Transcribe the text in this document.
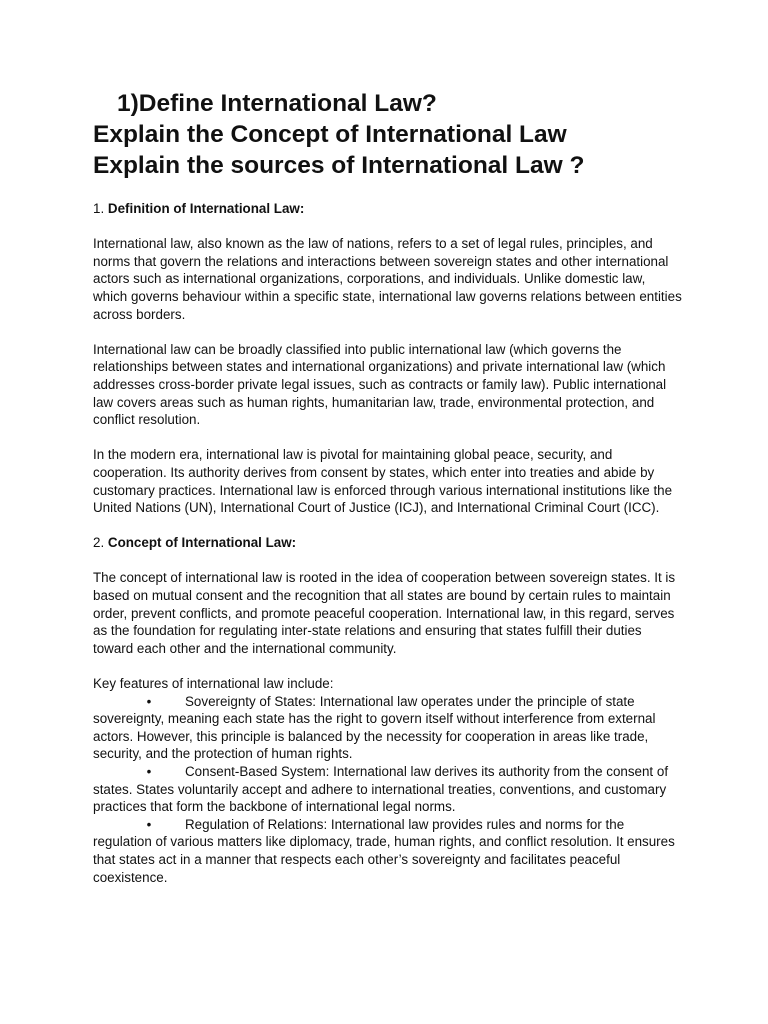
1)Define International Law?

Explain the Concept of International Law

Explain the sources of International Law ?

1. Definition of International Law:

International law, also known as the law of nations, refers to a set of legal rules, principles, and norms that govern the relations and interactions between sovereign states and other international actors such as international organizations, corporations, and individuals. Unlike domestic law, which governs behaviour within a specific state, international law governs relations between entities across borders.

International law can be broadly classified into public international law (which governs the relationships between states and international organizations) and private international law (which addresses cross-border private legal issues, such as contracts or family law). Public international law covers areas such as human rights, humanitarian law, trade, environmental protection, and conflict resolution.

In the modern era, international law is pivotal for maintaining global peace, security, and cooperation. Its authority derives from consent by states, which enter into treaties and abide by customary practices. International law is enforced through various international institutions like the United Nations (UN), International Court of Justice (ICJ), and International Criminal Court (ICC).

2. Concept of International Law:

The concept of international law is rooted in the idea of cooperation between sovereign states. It is based on mutual consent and the recognition that all states are bound by certain rules to maintain order, prevent conflicts, and promote peaceful cooperation. International law, in this regard, serves as the foundation for regulating inter-state relations and ensuring that states fulfill their duties toward each other and the international community.

Key features of international law include:

•	Sovereignty of States: International law operates under the principle of state sovereignty, meaning each state has the right to govern itself without interference from external actors. However, this principle is balanced by the necessity for cooperation in areas like trade, security, and the protection of human rights.

•	Consent-Based System: International law derives its authority from the consent of states. States voluntarily accept and adhere to international treaties, conventions, and customary practices that form the backbone of international legal norms.

•	Regulation of Relations: International law provides rules and norms for the regulation of various matters like diplomacy, trade, human rights, and conflict resolution. It ensures that states act in a manner that respects each other’s sovereignty and facilitates peaceful coexistence.
